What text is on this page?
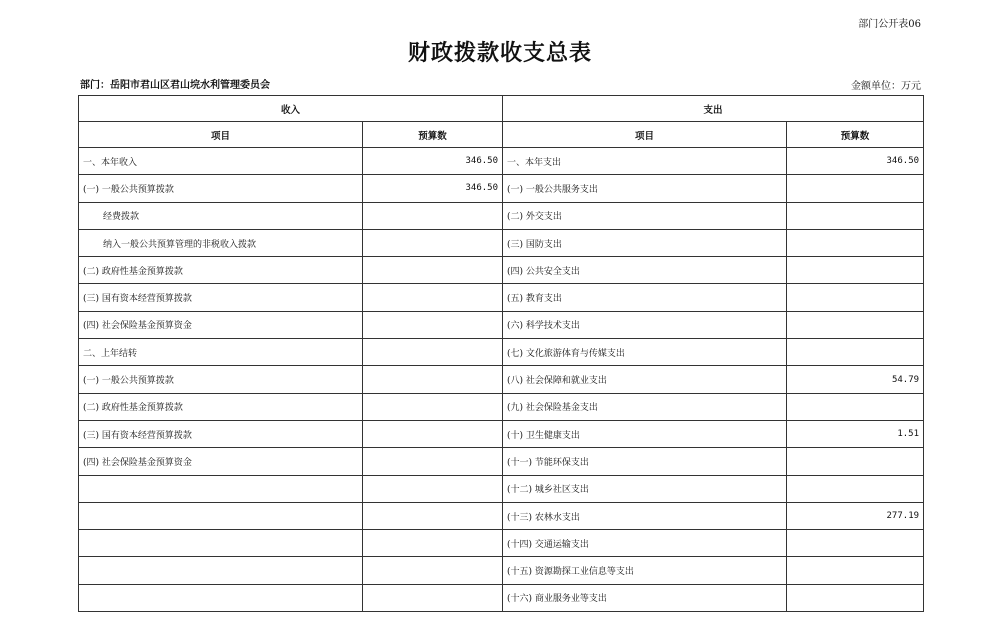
部门公开表06
财政拨款收支总表
部门：岳阳市君山区君山垸水利管理委员会	金额单位：万元
收入		支出	
项目	预算数	项目	预算数
一、本年收入	346.50	一、本年支出	346.50
(一) 一般公共预算拨款	346.50	(一) 一般公共服务支出	
经费拨款		(二) 外交支出	
纳入一般公共预算管理的非税收入拨款		(三) 国防支出	
(二) 政府性基金预算拨款		(四) 公共安全支出	
(三) 国有资本经营预算拨款		(五) 教育支出	
(四) 社会保险基金预算资金		(六) 科学技术支出	
二、上年结转		(七) 文化旅游体育与传媒支出	
(一) 一般公共预算拨款		(八) 社会保障和就业支出	54.79
(二) 政府性基金预算拨款		(九) 社会保险基金支出	
(三) 国有资本经营预算拨款		(十) 卫生健康支出	1.51
(四) 社会保险基金预算资金		(十一) 节能环保支出	
		(十二) 城乡社区支出	
		(十三) 农林水支出	277.19
		(十四) 交通运输支出	
		(十五) 资源勘探工业信息等支出	
		(十六) 商业服务业等支出	
